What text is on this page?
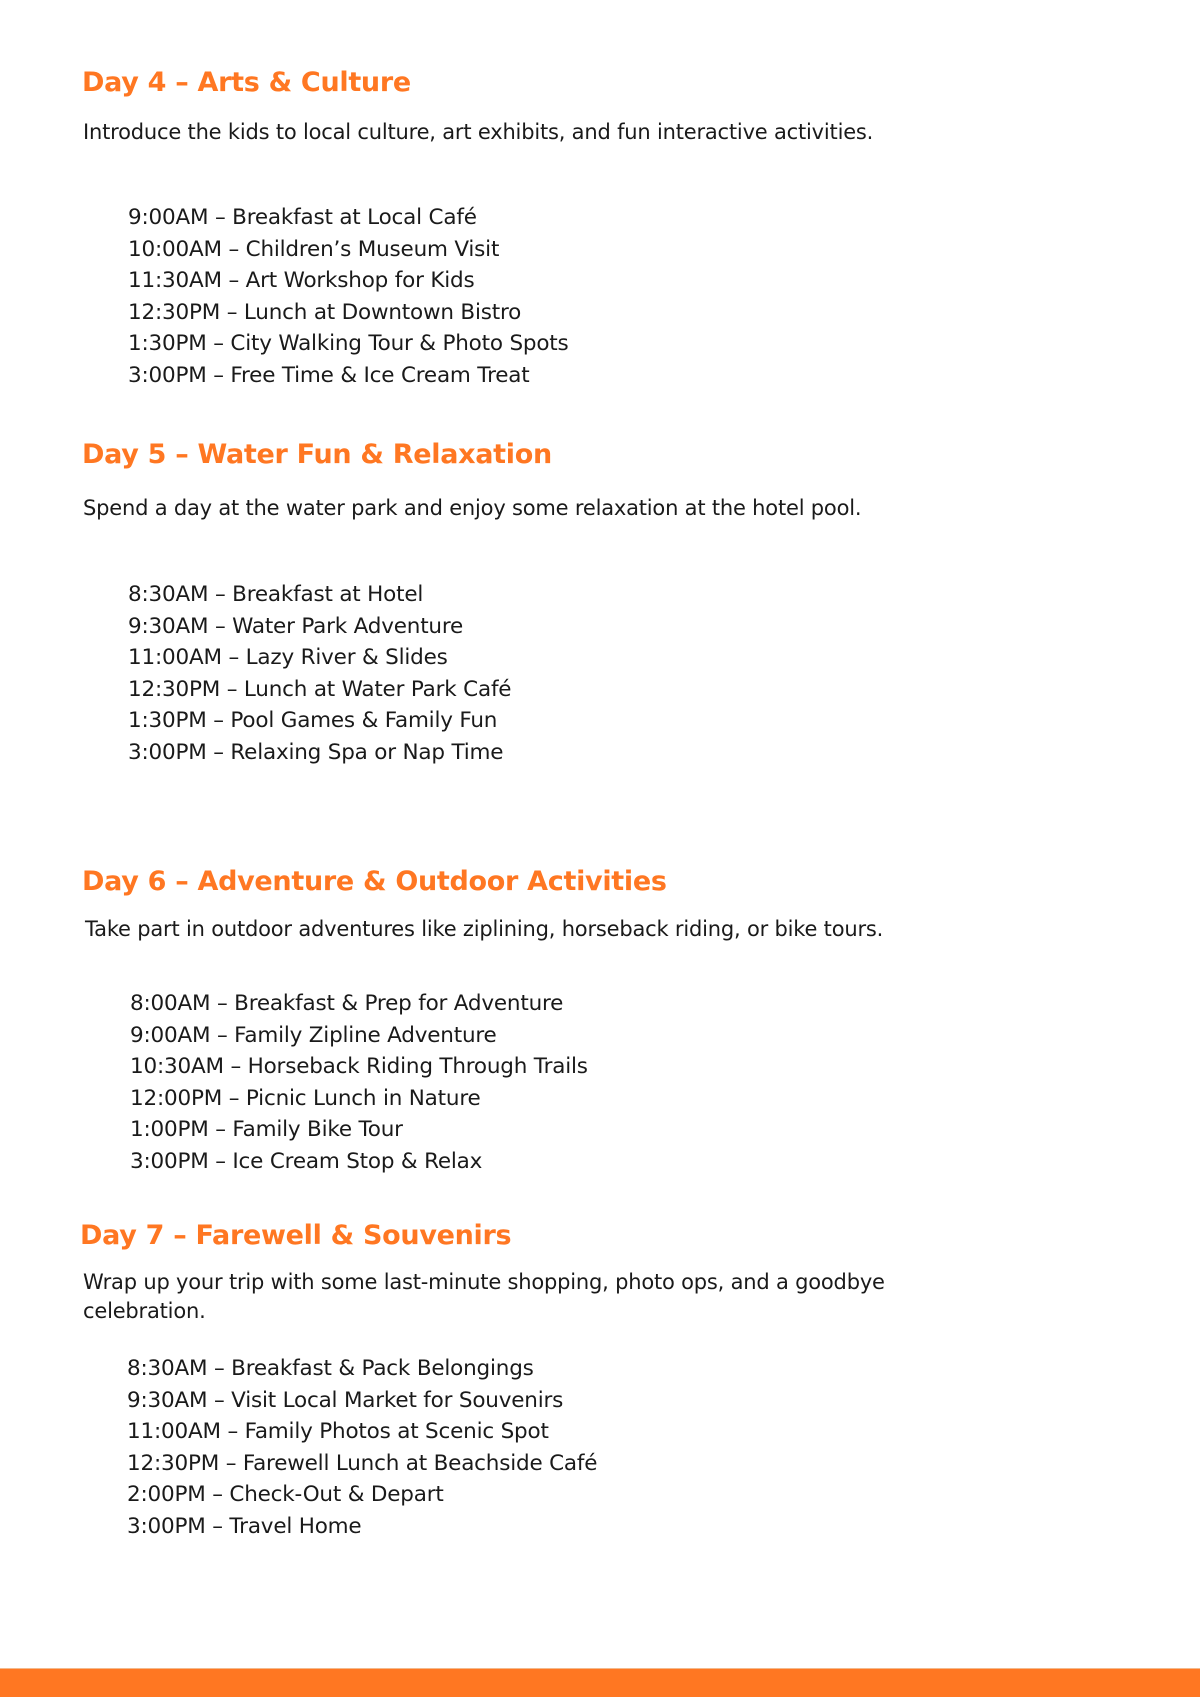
Day 4 – Arts & Culture

Introduce the kids to local culture, art exhibits, and fun interactive activities.

9:00AM – Breakfast at Local Café
10:00AM – Children’s Museum Visit
11:30AM – Art Workshop for Kids
12:30PM – Lunch at Downtown Bistro
1:30PM – City Walking Tour & Photo Spots
3:00PM – Free Time & Ice Cream Treat
Day 5 – Water Fun & Relaxation

Spend a day at the water park and enjoy some relaxation at the hotel pool.

8:30AM – Breakfast at Hotel
9:30AM – Water Park Adventure
11:00AM – Lazy River & Slides
12:30PM – Lunch at Water Park Café
1:30PM – Pool Games & Family Fun
3:00PM – Relaxing Spa or Nap Time
Day 6 – Adventure & Outdoor Activities

Take part in outdoor adventures like ziplining, horseback riding, or bike tours.

8:00AM – Breakfast & Prep for Adventure
9:00AM – Family Zipline Adventure
10:30AM – Horseback Riding Through Trails
12:00PM – Picnic Lunch in Nature
1:00PM – Family Bike Tour
3:00PM – Ice Cream Stop & Relax
Day 7 – Farewell & Souvenirs

Wrap up your trip with some last-minute shopping, photo ops, and a goodbye celebration.

8:30AM – Breakfast & Pack Belongings
9:30AM – Visit Local Market for Souvenirs
11:00AM – Family Photos at Scenic Spot
12:30PM – Farewell Lunch at Beachside Café
2:00PM – Check-Out & Depart
3:00PM – Travel Home
